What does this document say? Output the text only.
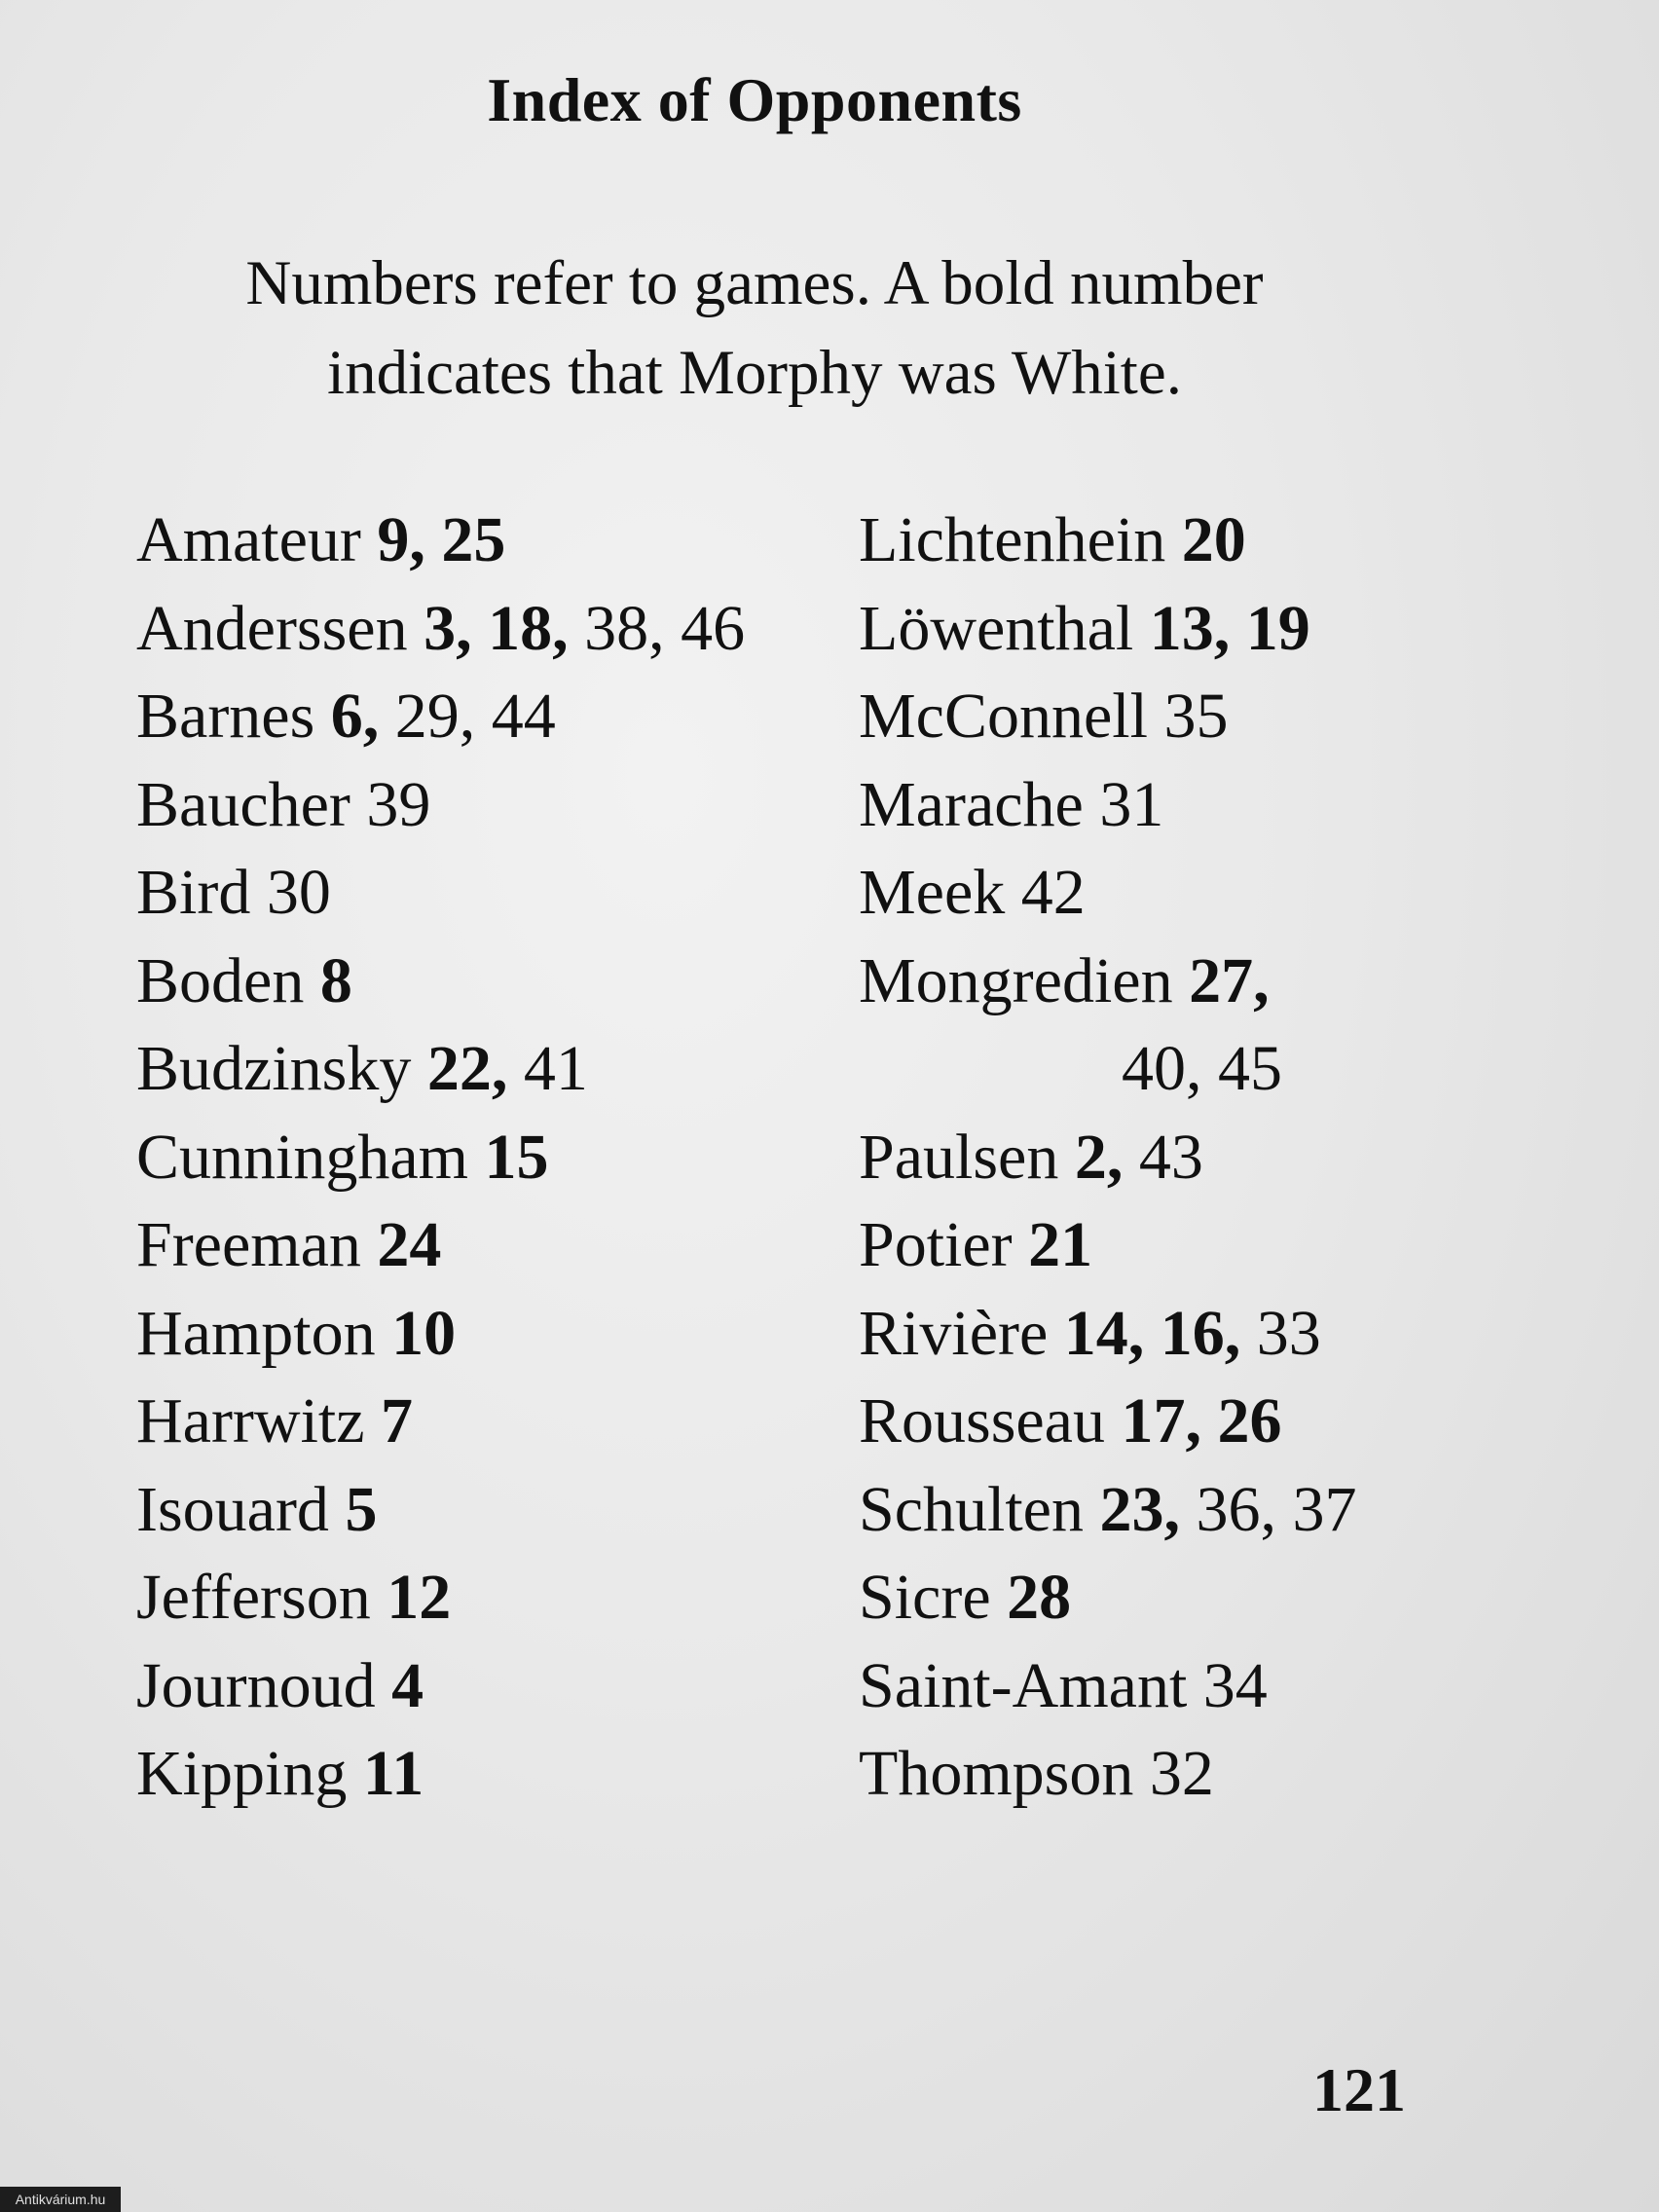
Index of Opponents
Numbers refer to games. A bold number
indicates that Morphy was White.
Amateur 9, 25
Anderssen 3, 18, 38, 46
Barnes 6, 29, 44
Baucher 39
Bird 30
Boden 8
Budzinsky 22, 41
Cunningham 15
Freeman 24
Hampton 10
Harrwitz 7
Isouard 5
Jefferson 12
Journoud 4
Kipping 11
Lichtenhein 20
Löwenthal 13, 19
McConnell 35
Marache 31
Meek 42
Mongredien 27,
40, 45
Paulsen 2, 43
Potier 21
Rivière 14, 16, 33
Rousseau 17, 26
Schulten 23, 36, 37
Sicre 28
Saint-Amant 34
Thompson 32
121
Antikvárium.hu
